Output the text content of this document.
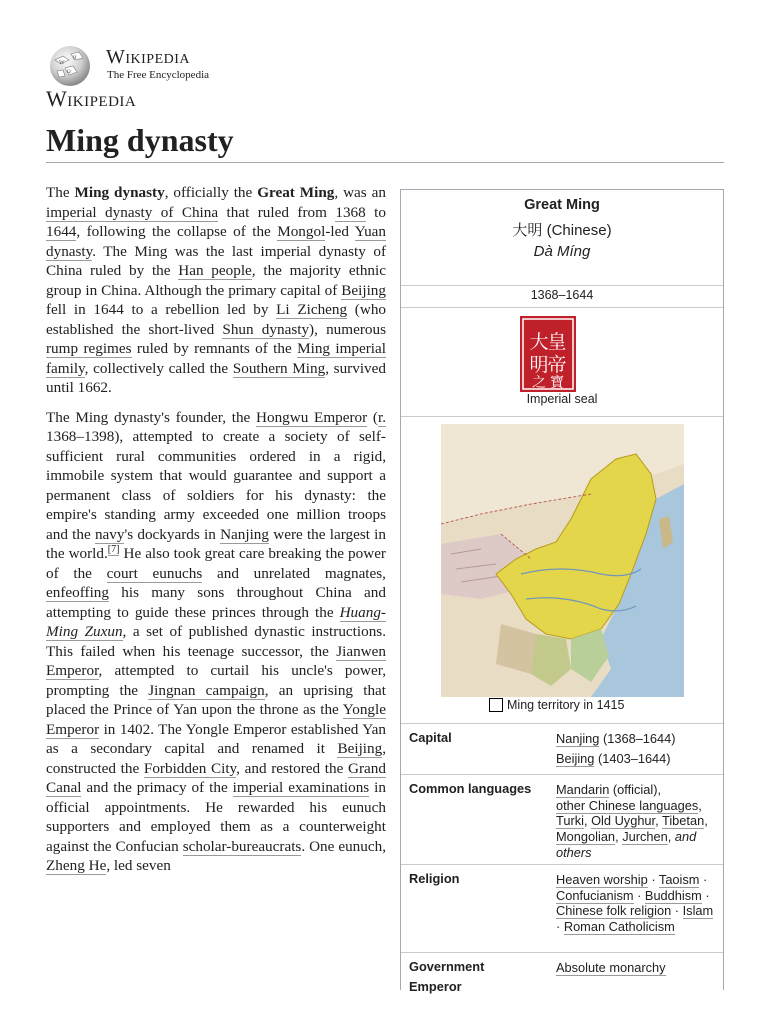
W
И
Ω
Wikipedia
The Free Encyclopedia
Wikipedia
Ming dynasty

The Ming dynasty, officially the Great Ming, was an imperial dynasty of China that ruled from 1368 to 1644, following the collapse of the Mongol-led Yuan dynasty. The Ming was the last imperial dynasty of China ruled by the Han people, the majority ethnic group in China. Although the primary capital of Beijing fell in 1644 to a rebellion led by Li Zicheng (who established the short-lived Shun dynasty), numerous rump regimes ruled by remnants of the Ming imperial family, collectively called the Southern Ming, survived until 1662.

The Ming dynasty's founder, the Hongwu Emperor (r. 1368–1398), attempted to create a society of self-sufficient rural communities ordered in a rigid, immobile system that would guarantee and support a permanent class of soldiers for his dynasty: the empire's standing army exceeded one million troops and the navy's dockyards in Nanjing were the largest in the world.[7] He also took great care breaking the power of the court eunuchs and unrelated magnates, enfeoffing his many sons throughout China and attempting to guide these princes through the Huang-Ming Zuxun, a set of published dynastic instructions. This failed when his teenage successor, the Jianwen Emperor, attempted to curtail his uncle's power, prompting the Jingnan campaign, an uprising that placed the Prince of Yan upon the throne as the Yongle Emperor in 1402. The Yongle Emperor established Yan as a secondary capital and renamed it Beijing, constructed the Forbidden City, and restored the Grand Canal and the primacy of the imperial examinations in official appointments. He rewarded his eunuch supporters and employed them as a counterweight against the Confucian scholar-bureaucrats. One eunuch, Zheng He, led seven

Great Ming
大明 (Chinese)
Dà Míng
1368–1644
皇
大
帝
明
寶
之
Imperial seal
Ming territory in 1415
Capital	Nanjing (1368–1644)
Beijing (1403–1644)
Common languages	Mandarin (official),
other Chinese languages, Turki, Old Uyghur, Tibetan, Mongolian, Jurchen, and others
Religion	Heaven worship · Taoism · Confucianism · Buddhism · Chinese folk religion · Islam · Roman Catholicism
Government	Absolute monarchy
Emperor
